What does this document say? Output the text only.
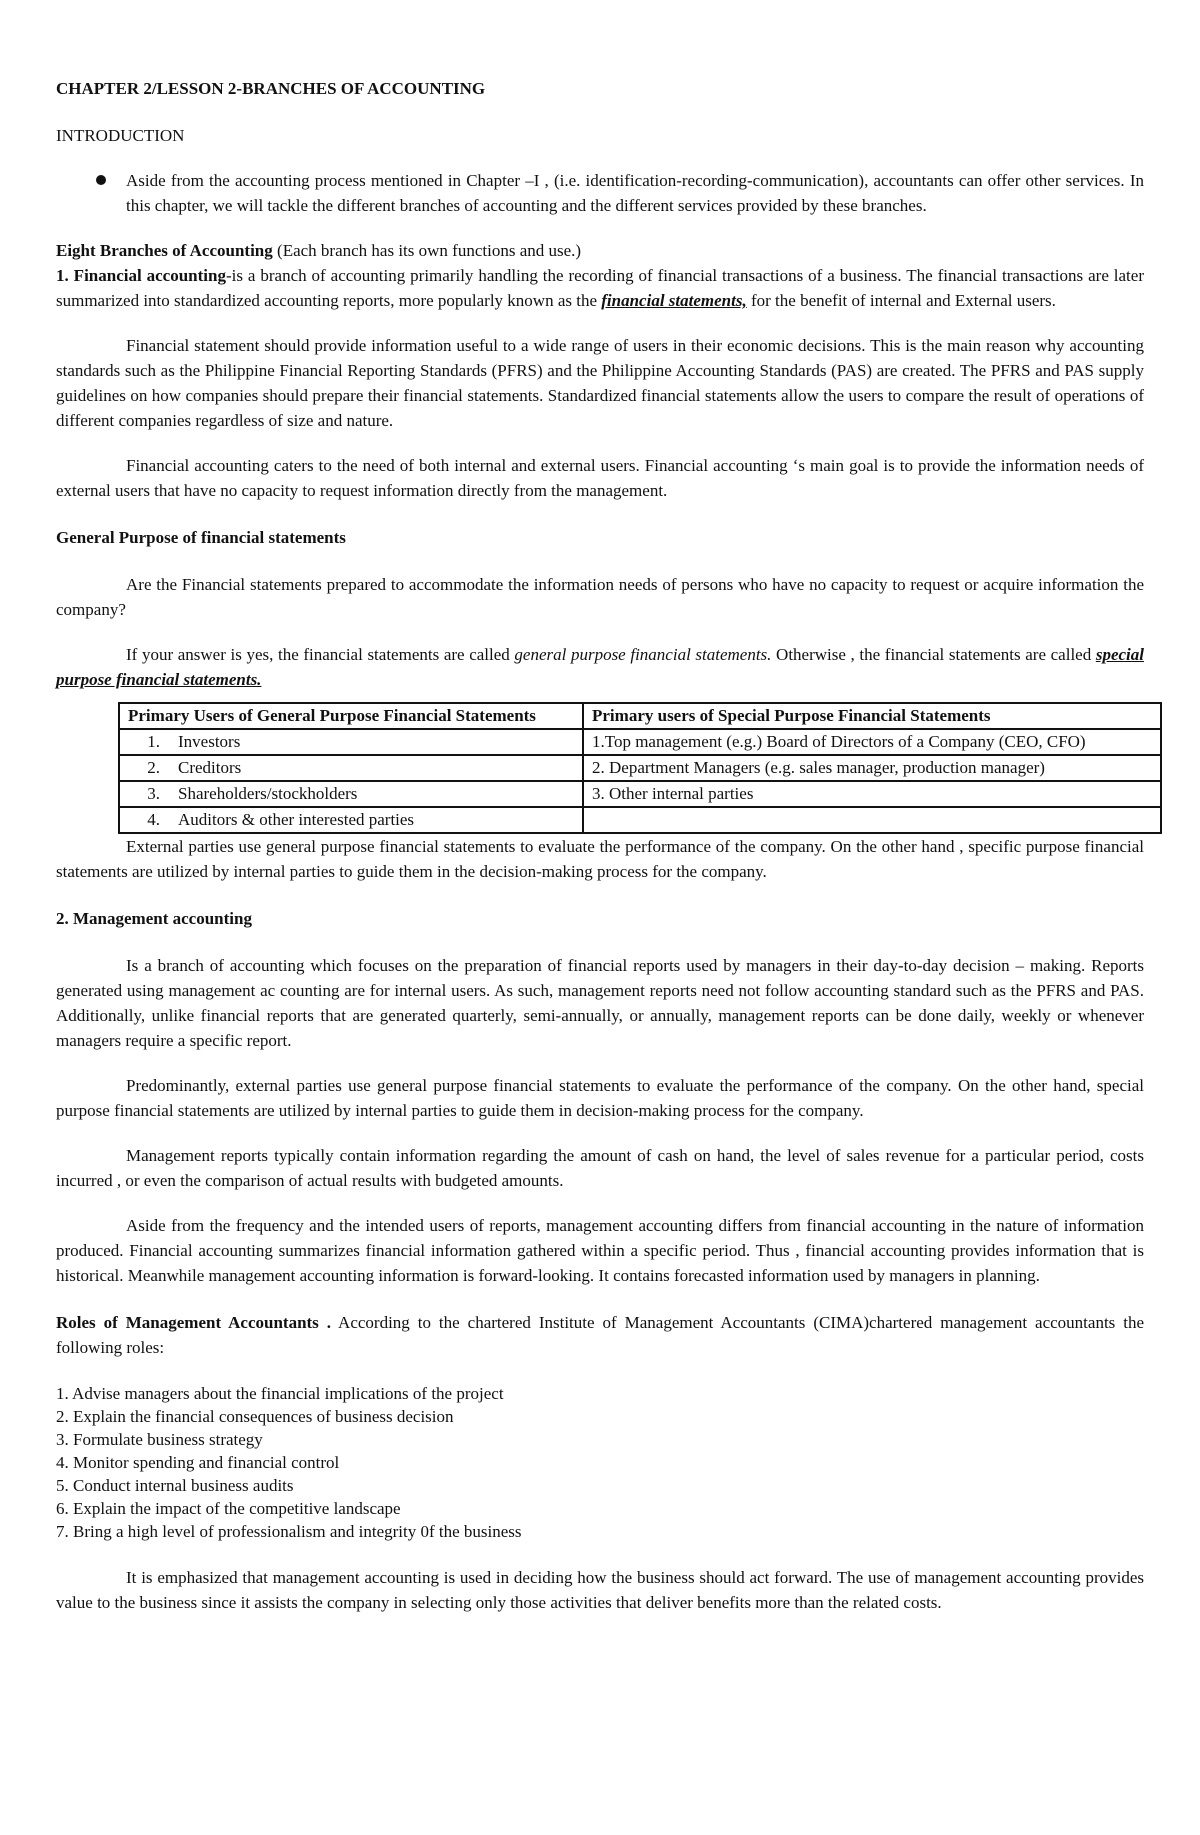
CHAPTER 2/LESSON 2-BRANCHES OF ACCOUNTING

INTRODUCTION

Aside from the accounting process mentioned in Chapter –I , (i.e. identification-recording-communication), accountants can offer other services. In this chapter, we will tackle the different branches of accounting and the different services provided by these branches.

Eight Branches of Accounting (Each branch has its own functions and use.)

1. Financial accounting-is a branch of accounting primarily handling the recording of financial transactions of a business. The financial transactions are later summarized into standardized accounting reports, more popularly known as the financial statements, for the benefit of internal and External users.

Financial statement should provide information useful to a wide range of users in their economic decisions. This is the main reason why accounting standards such as the Philippine Financial Reporting Standards (PFRS) and the Philippine Accounting Standards (PAS) are created. The PFRS and PAS supply guidelines on how companies should prepare their financial statements. Standardized financial statements allow the users to compare the result of operations of different companies regardless of size and nature.

Financial accounting caters to the need of both internal and external users. Financial accounting ‘s main goal is to provide the information needs of external users that have no capacity to request information directly from the management.

General Purpose of financial statements

Are the Financial statements prepared to accommodate the information needs of persons who have no capacity to request or acquire information the company?

If your answer is yes, the financial statements are called general purpose financial statements. Otherwise , the financial statements are called special purpose financial statements.

Primary Users of General Purpose Financial Statements	Primary users of Special Purpose Financial Statements
1. Investors	1.Top management (e.g.) Board of Directors of a Company (CEO, CFO)
2. Creditors	2. Department Managers (e.g. sales manager, production manager)
3. Shareholders/stockholders	3. Other internal parties
4. Auditors & other interested parties	

External parties use general purpose financial statements to evaluate the performance of the company. On the other hand , specific purpose financial statements are utilized by internal parties to guide them in the decision-making process for the company.

2. Management accounting

Is a branch of accounting which focuses on the preparation of financial reports used by managers in their day-to-day decision – making. Reports generated using management ac counting are for internal users. As such, management reports need not follow accounting standard such as the PFRS and PAS. Additionally, unlike financial reports that are generated quarterly, semi-annually, or annually, management reports can be done daily, weekly or whenever managers require a specific report.

Predominantly, external parties use general purpose financial statements to evaluate the performance of the company. On the other hand, special purpose financial statements are utilized by internal parties to guide them in decision-making process for the company.

Management reports typically contain information regarding the amount of cash on hand, the level of sales revenue for a particular period, costs incurred , or even the comparison of actual results with budgeted amounts.

Aside from the frequency and the intended users of reports, management accounting differs from financial accounting in the nature of information produced. Financial accounting summarizes financial information gathered within a specific period. Thus , financial accounting provides information that is historical. Meanwhile management accounting information is forward-looking. It contains forecasted information used by managers in planning.

Roles of Management Accountants . According to the chartered Institute of Management Accountants (CIMA)chartered management accountants the following roles:

1. Advise managers about the financial implications of the project

2. Explain the financial consequences of business decision

3. Formulate business strategy

4. Monitor spending and financial control

5. Conduct internal business audits

6. Explain the impact of the competitive landscape

7. Bring a high level of professionalism and integrity 0f the business

It is emphasized that management accounting is used in deciding how the business should act forward. The use of management accounting provides value to the business since it assists the company in selecting only those activities that deliver benefits more than the related costs.
